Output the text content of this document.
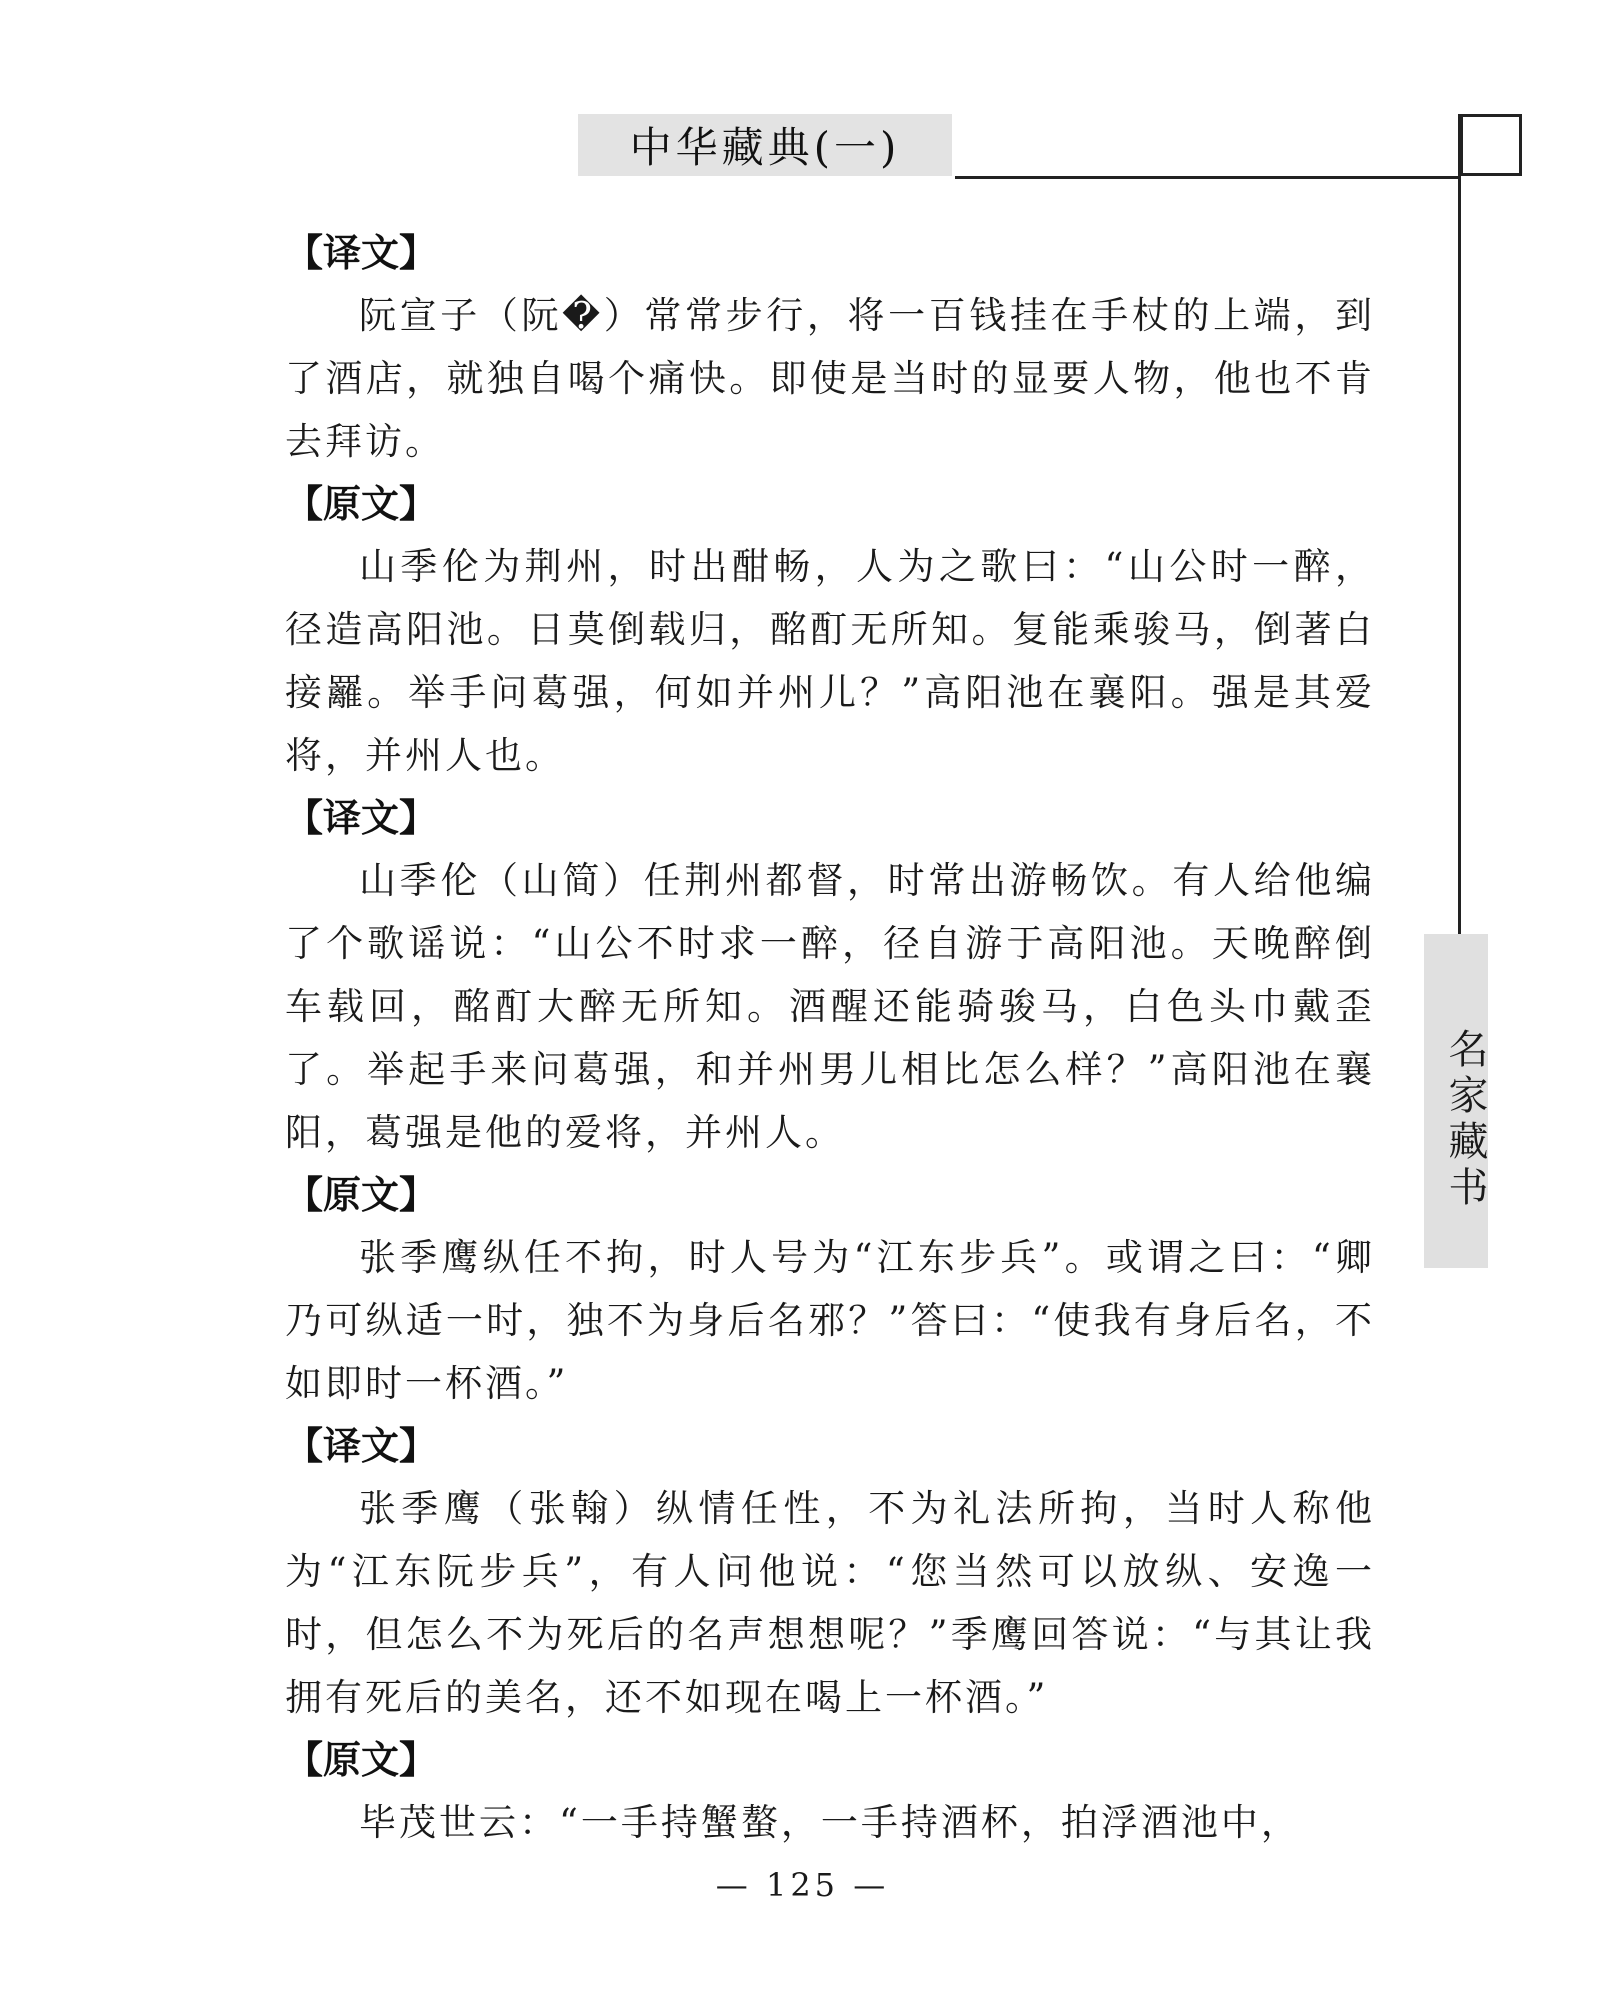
中华藏典(一)
名家藏书
【译文】

阮宣子（阮�）常常步行，将一百钱挂在手杖的上端，到了酒店，就独自喝个痛快。即使是当时的显要人物，他也不肯去拜访。

【原文】

山季伦为荆州，时出酣畅，人为之歌曰：“山公时一醉，径造高阳池。日莫倒载归，酩酊无所知。复能乘骏马，倒著白接䍦。举手问葛强，何如并州儿？”高阳池在襄阳。强是其爱将，并州人也。

【译文】

山季伦（山简）任荆州都督，时常出游畅饮。有人给他编了个歌谣说：“山公不时求一醉，径自游于高阳池。天晚醉倒车载回，酩酊大醉无所知。酒醒还能骑骏马，白色头巾戴歪了。举起手来问葛强，和并州男儿相比怎么样？”高阳池在襄阳，葛强是他的爱将，并州人。

【原文】

张季鹰纵任不拘，时人号为“江东步兵”。或谓之曰：“卿乃可纵适一时，独不为身后名邪？”答曰：“使我有身后名，不如即时一杯酒。”

【译文】

张季鹰（张翰）纵情任性，不为礼法所拘，当时人称他为“江东阮步兵”，有人问他说：“您当然可以放纵、安逸一时，但怎么不为死后的名声想想呢？”季鹰回答说：“与其让我拥有死后的美名，还不如现在喝上一杯酒。”

【原文】

毕茂世云：“一手持蟹螯，一手持酒杯，拍浮酒池中，

— 125 —
